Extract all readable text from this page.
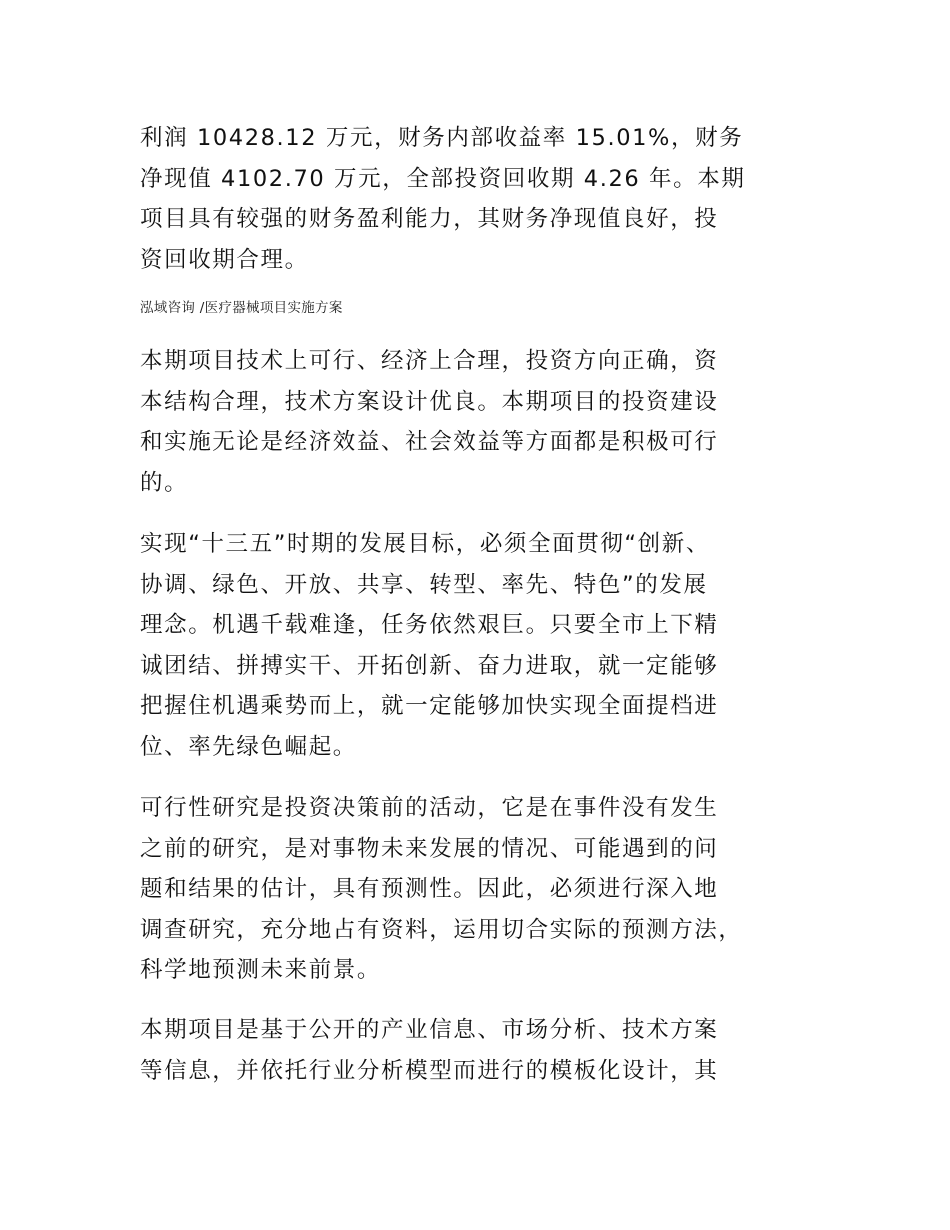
利润 10428.12 万元，财务内部收益率 15.01%，财务
净现值 4102.70 万元，全部投资回收期 4.26 年。本期
项目具有较强的财务盈利能力，其财务净现值良好，投
资回收期合理。

泓域咨询 /医疗器械项目实施方案

本期项目技术上可行、经济上合理，投资方向正确，资
本结构合理，技术方案设计优良。本期项目的投资建设
和实施无论是经济效益、社会效益等方面都是积极可行
的。

实现“十三五”时期的发展目标，必须全面贯彻“创新、
协调、绿色、开放、共享、转型、率先、特色”的发展
理念。机遇千载难逢，任务依然艰巨。只要全市上下精
诚团结、拼搏实干、开拓创新、奋力进取，就一定能够
把握住机遇乘势而上，就一定能够加快实现全面提档进
位、率先绿色崛起。

可行性研究是投资决策前的活动，它是在事件没有发生
之前的研究，是对事物未来发展的情况、可能遇到的问
题和结果的估计，具有预测性。因此，必须进行深入地
调查研究，充分地占有资料，运用切合实际的预测方法，
科学地预测未来前景。

本期项目是基于公开的产业信息、市场分析、技术方案
等信息，并依托行业分析模型而进行的模板化设计，其
